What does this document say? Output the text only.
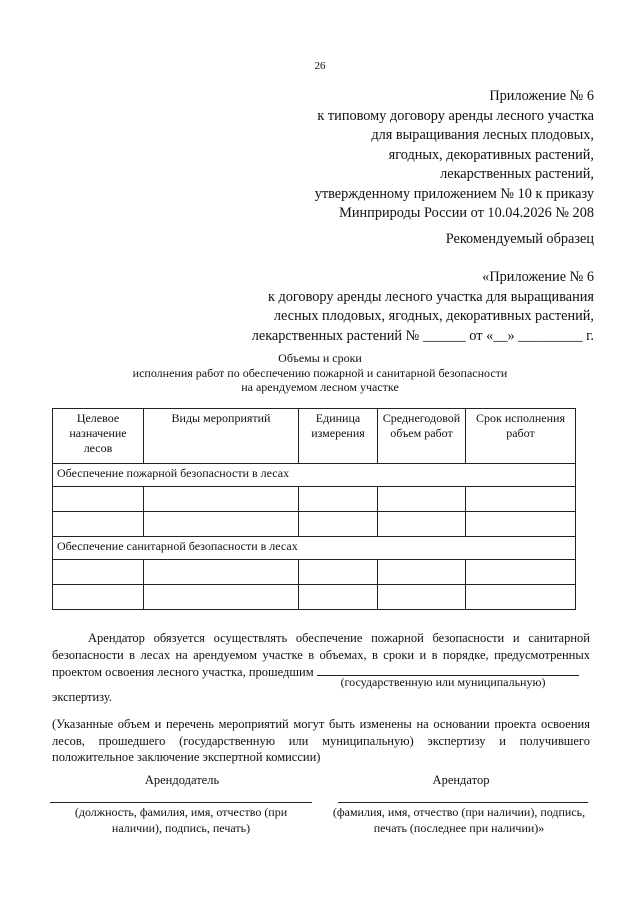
26
Приложение № 6
к типовому договору аренды лесного участка
для выращивания лесных плодовых,
ягодных, декоративных растений,
лекарственных растений,
утвержденному приложением № 10 к приказу
Минприроды России от 10.04.2026 № 208
Рекомендуемый образец
«Приложение № 6
к договору аренды лесного участка для выращивания
лесных плодовых, ягодных, декоративных растений,
лекарственных растений № ______ от «__» _________ г.
Объемы и сроки
исполнения работ по обеспечению пожарной и санитарной безопасности
на арендуемом лесном участке
Целевое назначение лесов	Виды мероприятий	Единица измерения	Среднегодовой объем работ	Срок исполнения работ
Обеспечение пожарной безопасности в лесах				

Обеспечение санитарной безопасности в лесах				

Арендатор обязуется осуществлять обеспечение пожарной безопасности и санитарной безопасности в лесах на арендуемом участке в объемах, в сроки и в порядке, предусмотренных проектом освоения лесного участка, прошедшим
(государственную или муниципальную)
экспертизу.
(Указанные объем и перечень мероприятий могут быть изменены на основании проекта освоения лесов, прошедшего (государственную или муниципальную) экспертизу и получившего положительное заключение экспертной комиссии)
Арендодатель	Арендатор
(должность, фамилия, имя, отчество (при наличии), подпись, печать)
(фамилия, имя, отчество (при наличии), подпись, печать (последнее при наличии)»
